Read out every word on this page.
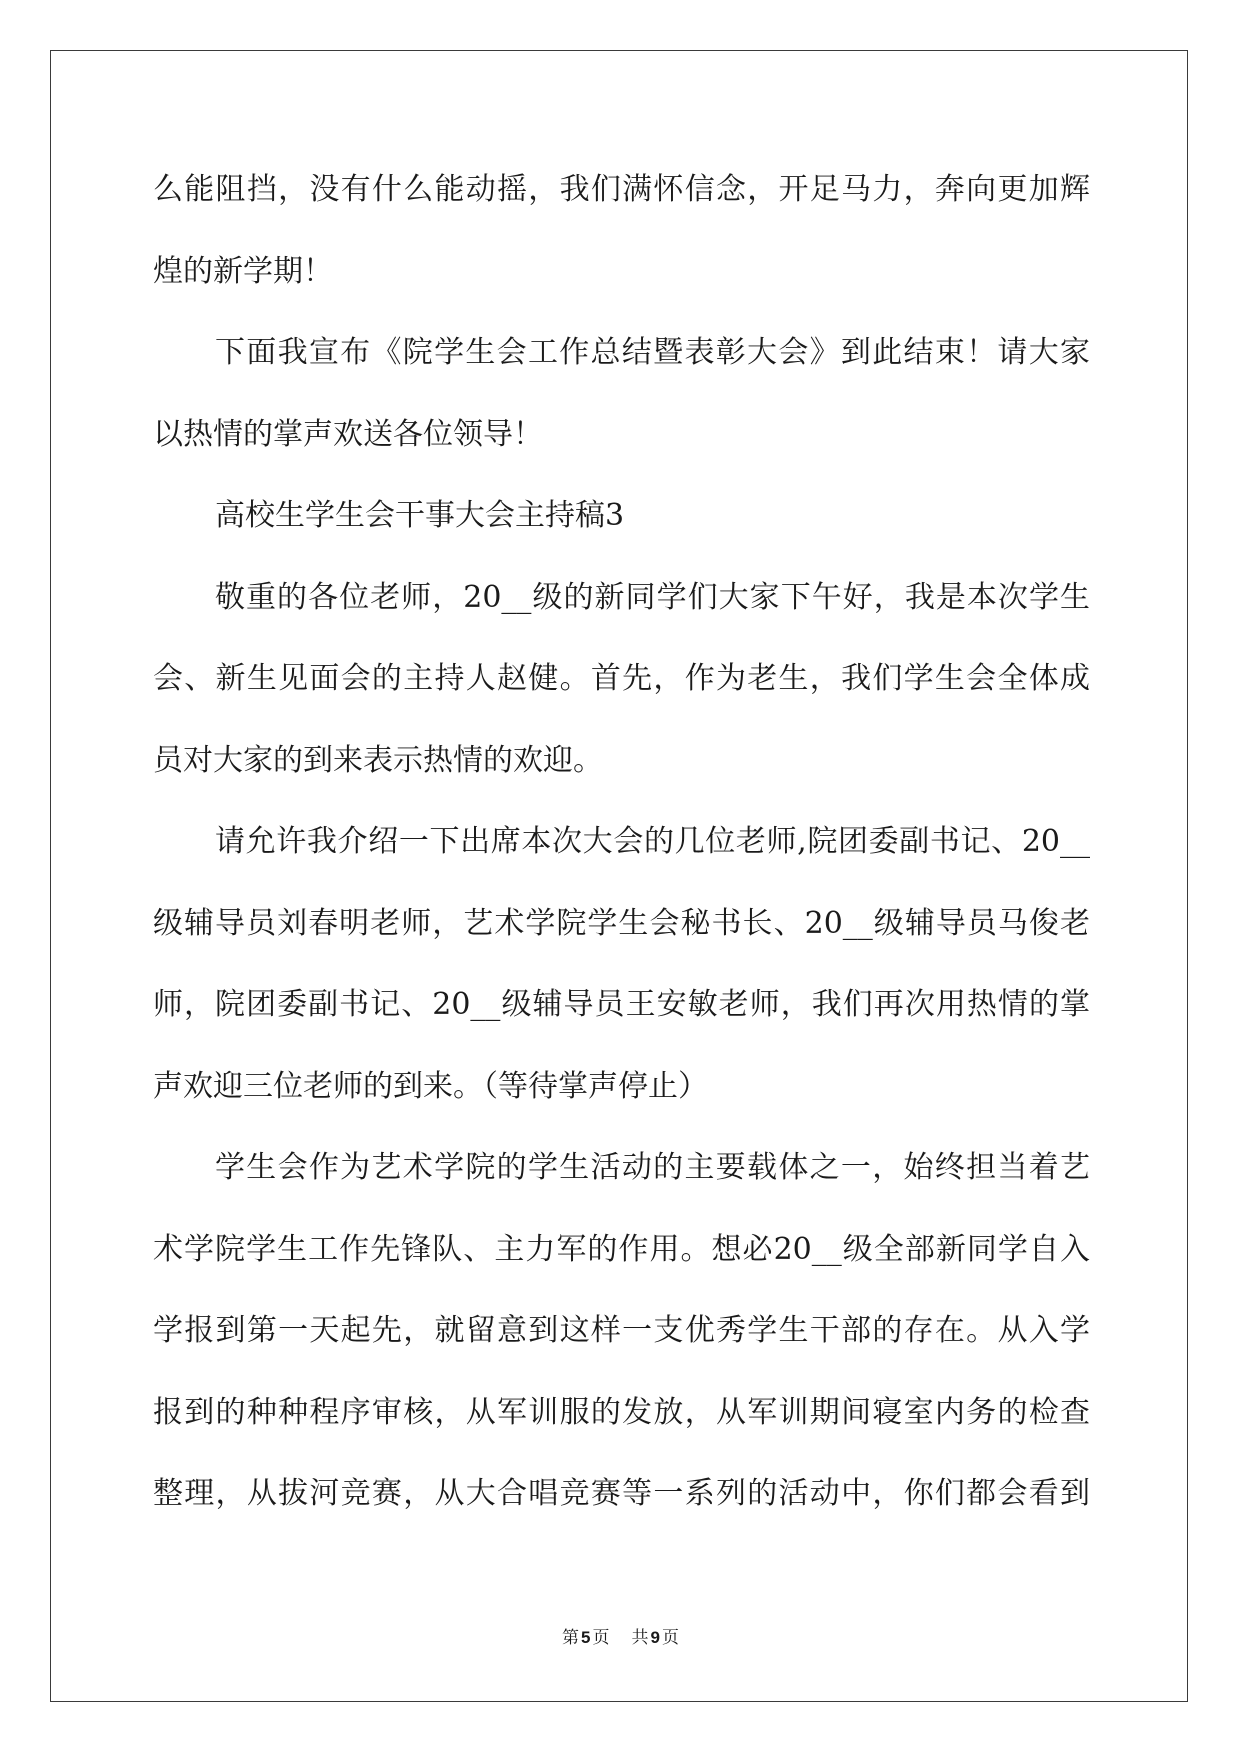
么能阻挡，没有什么能动摇，我们满怀信念，开足马力，奔向更加辉
煌的新学期！
下面我宣布《院学生会工作总结暨表彰大会》到此结束！请大家
以热情的掌声欢送各位领导！
高校生学生会干事大会主持稿3
敬重的各位老师，20__级的新同学们大家下午好，我是本次学生
会、新生见面会的主持人赵健。首先，作为老生，我们学生会全体成
员对大家的到来表示热情的欢迎。
请允许我介绍一下出席本次大会的几位老师,院团委副书记、20__
级辅导员刘春明老师，艺术学院学生会秘书长、20__级辅导员马俊老
师，院团委副书记、20__级辅导员王安敏老师，我们再次用热情的掌
声欢迎三位老师的到来。（等待掌声停止）
学生会作为艺术学院的学生活动的主要载体之一，始终担当着艺
术学院学生工作先锋队、主力军的作用。想必20__级全部新同学自入
学报到第一天起先，就留意到这样一支优秀学生干部的存在。从入学
报到的种种程序审核，从军训服的发放，从军训期间寝室内务的检查
整理，从拔河竞赛，从大合唱竞赛等一系列的活动中，你们都会看到
第 5 页 共 9 页
